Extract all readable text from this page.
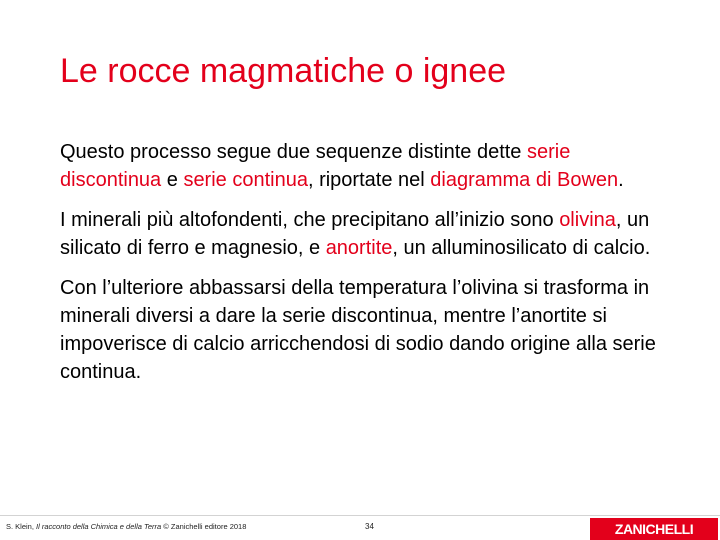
Le rocce magmatiche o ignee

Questo processo segue due sequenze distinte dette serie discontinua e serie continua, riportate nel diagramma di Bowen.

I minerali più altofondenti, che precipitano all’inizio sono olivina, un silicato di ferro e magnesio, e anortite, un alluminosilicato di calcio.

Con l’ulteriore abbassarsi della temperatura l’olivina si trasforma in minerali diversi a dare la serie discontinua, mentre l’anortite si impoverisce di calcio arricchendosi di sodio dando origine alla serie continua.

S. Klein, Il racconto della Chimica e della Terra © Zanichelli editore 2018	34	ZANICHELLI
